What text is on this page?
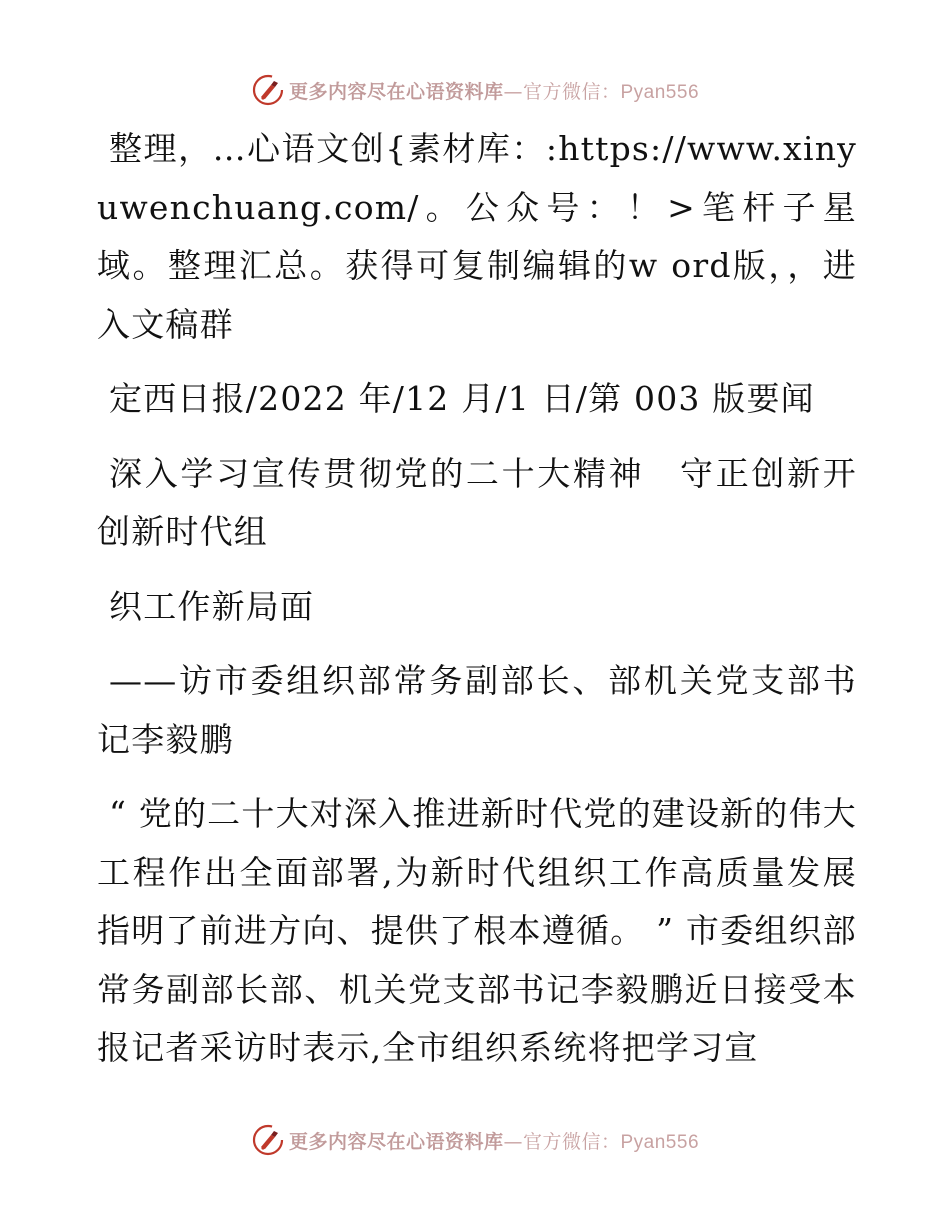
更多内容尽在心语资料库—官方微信：Pyan556

整理，…心语文创{素材库：:https://www.xinyuwenchuang.com/。公众号：！>笔杆子星域。整理汇总。获得可复制编辑的w ord版，，进入文稿群

定西日报/2022 年/12 月/1 日/第 003 版要闻

深入学习宣传贯彻党的二十大精神　守正创新开创新时代组

织工作新局面

——访市委组织部常务副部长、部机关党支部书记李毅鹏

“ 党的二十大对深入推进新时代党的建设新的伟大工程作出全面部署,为新时代组织工作高质量发展指明了前进方向、提供了根本遵循。 ” 市委组织部常务副部长部、机关党支部书记李毅鹏近日接受本报记者采访时表示,全市组织系统将把学习宣

更多内容尽在心语资料库—官方微信：Pyan556
